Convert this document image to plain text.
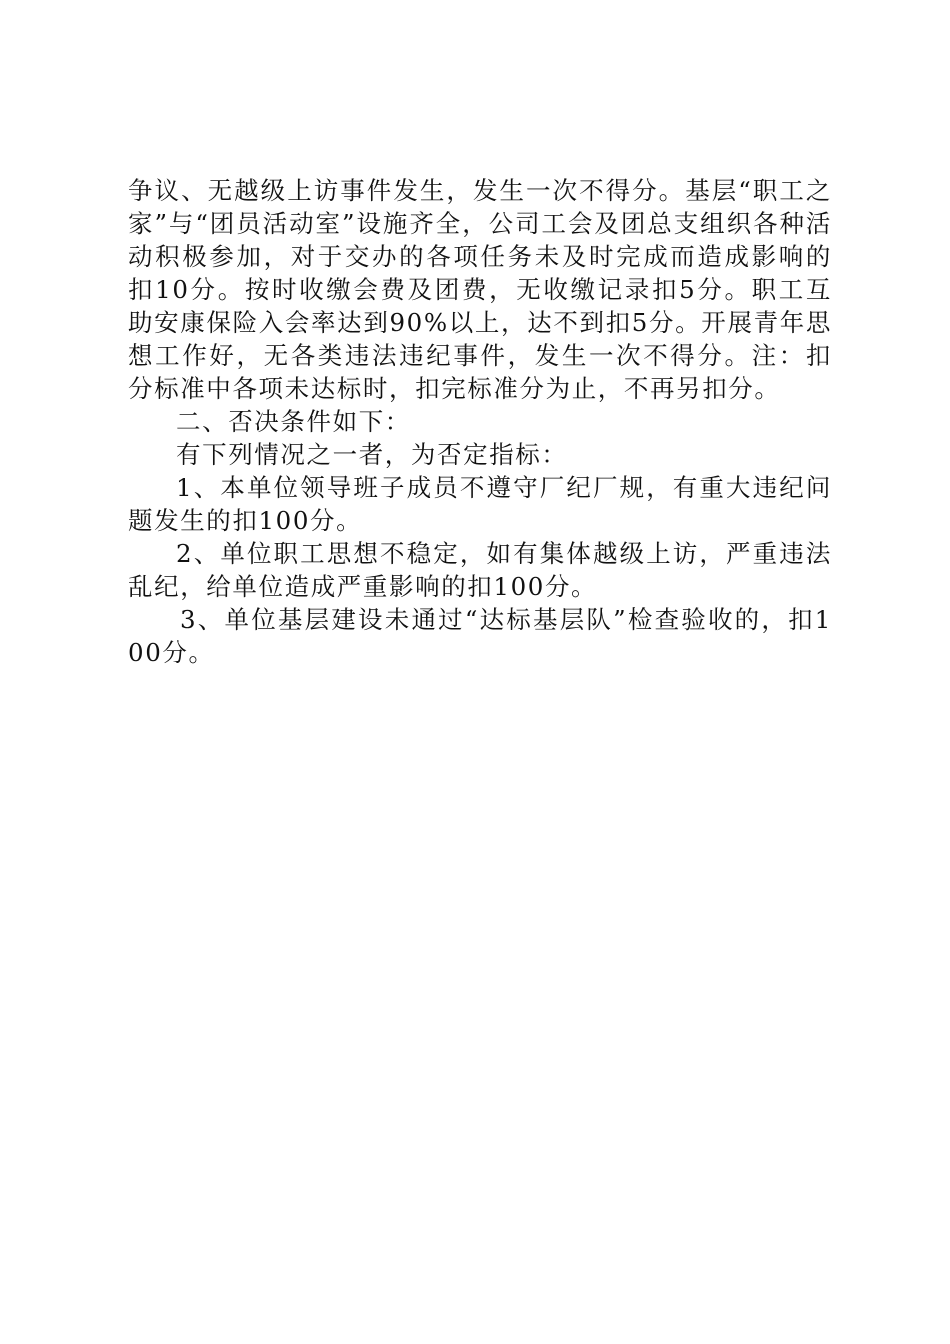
争议、无越级上访事件发生，发生一次不得分。基层“职工之家”与“团员活动室”设施齐全，公司工会及团总支组织各种活动积极参加，对于交办的各项任务未及时完成而造成影响的扣10分。按时收缴会费及团费，无收缴记录扣5分。职工互助安康保险入会率达到90%以上，达不到扣5分。开展青年思想工作好，无各类违法违纪事件，发生一次不得分。注：扣分标准中各项未达标时，扣完标准分为止，不再另扣分。

二、否决条件如下：

有下列情况之一者，为否定指标：

1、本单位领导班子成员不遵守厂纪厂规，有重大违纪问题发生的扣100分。

2、单位职工思想不稳定，如有集体越级上访，严重违法乱纪，给单位造成严重影响的扣100分。

3、单位基层建设未通过“达标基层队”检查验收的，扣100分。
